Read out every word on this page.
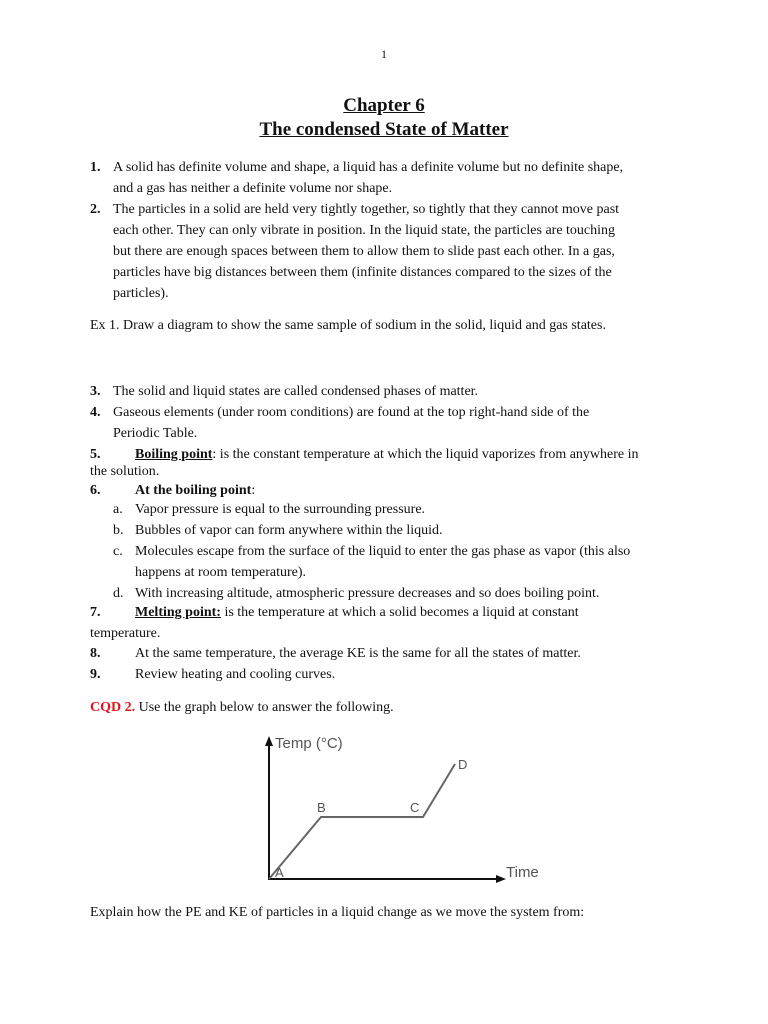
1
Chapter 6
The condensed State of Matter
1. A solid has definite volume and shape, a liquid has a definite volume but no definite shape,
and a gas has neither a definite volume nor shape.
2. The particles in a solid are held very tightly together, so tightly that they cannot move past
each other. They can only vibrate in position. In the liquid state, the particles are touching
but there are enough spaces between them to allow them to slide past each other. In a gas,
particles have big distances between them (infinite distances compared to the sizes of the
particles).
Ex 1. Draw a diagram to show the same sample of sodium in the solid, liquid and gas states.
3. The solid and liquid states are called condensed phases of matter.
4. Gaseous elements (under room conditions) are found at the top right-hand side of the
Periodic Table.
5. Boiling point: is the constant temperature at which the liquid vaporizes from anywhere in
the solution.
6. At the boiling point:
a. Vapor pressure is equal to the surrounding pressure.
b. Bubbles of vapor can form anywhere within the liquid.
c. Molecules escape from the surface of the liquid to enter the gas phase as vapor (this also
happens at room temperature).
d. With increasing altitude, atmospheric pressure decreases and so does boiling point.
7. Melting point: is the temperature at which a solid becomes a liquid at constant
temperature.
8. At the same temperature, the average KE is the same for all the states of matter.
9. Review heating and cooling curves.
CQD 2. Use the graph below to answer the following.
Temp (°C)
Time
A
B	C
D
Explain how the PE and KE of particles in a liquid change as we move the system from:
